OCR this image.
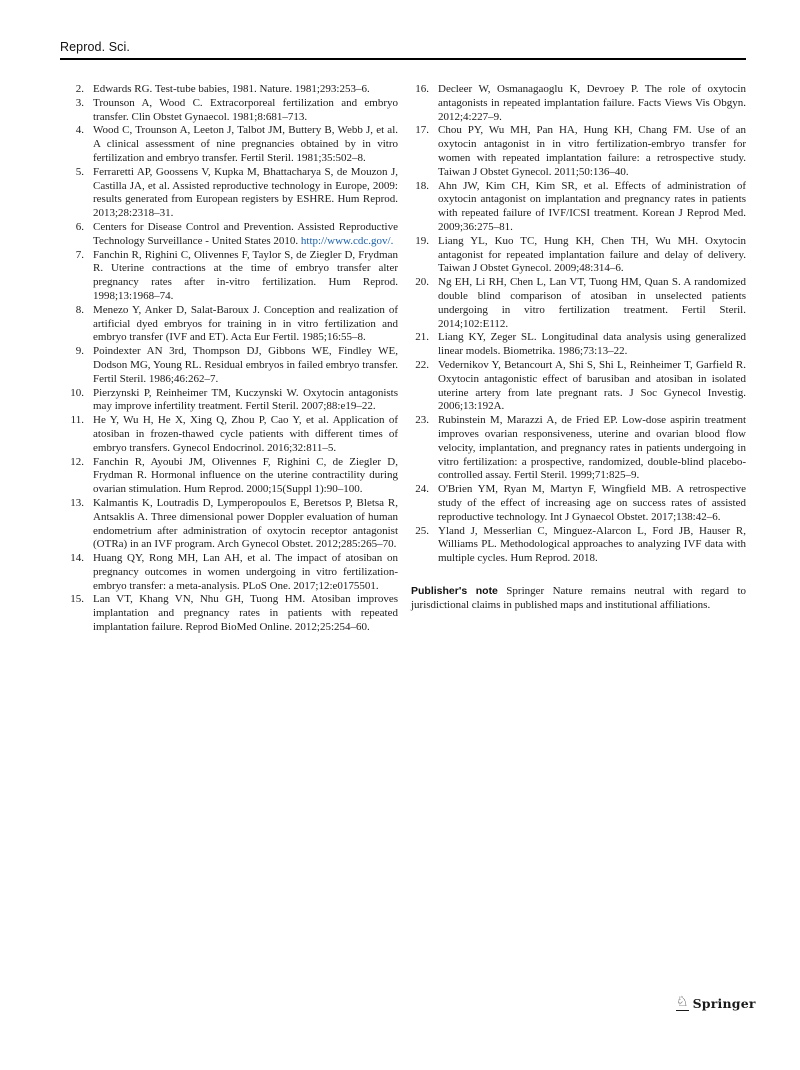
Reprod. Sci.
2. Edwards RG. Test-tube babies, 1981. Nature. 1981;293:253–6.
3. Trounson A, Wood C. Extracorporeal fertilization and embryo transfer. Clin Obstet Gynaecol. 1981;8:681–713.
4. Wood C, Trounson A, Leeton J, Talbot JM, Buttery B, Webb J, et al. A clinical assessment of nine pregnancies obtained by in vitro fertilization and embryo transfer. Fertil Steril. 1981;35:502–8.
5. Ferraretti AP, Goossens V, Kupka M, Bhattacharya S, de Mouzon J, Castilla JA, et al. Assisted reproductive technology in Europe, 2009: results generated from European registers by ESHRE. Hum Reprod. 2013;28:2318–31.
6. Centers for Disease Control and Prevention. Assisted Reproductive Technology Surveillance - United States 2010. http://www.cdc.gov/.
7. Fanchin R, Righini C, Olivennes F, Taylor S, de Ziegler D, Frydman R. Uterine contractions at the time of embryo transfer alter pregnancy rates after in-vitro fertilization. Hum Reprod. 1998;13:1968–74.
8. Menezo Y, Anker D, Salat-Baroux J. Conception and realization of artificial dyed embryos for training in in vitro fertilization and embryo transfer (IVF and ET). Acta Eur Fertil. 1985;16:55–8.
9. Poindexter AN 3rd, Thompson DJ, Gibbons WE, Findley WE, Dodson MG, Young RL. Residual embryos in failed embryo transfer. Fertil Steril. 1986;46:262–7.
10. Pierzynski P, Reinheimer TM, Kuczynski W. Oxytocin antagonists may improve infertility treatment. Fertil Steril. 2007;88:e19–22.
11. He Y, Wu H, He X, Xing Q, Zhou P, Cao Y, et al. Application of atosiban in frozen-thawed cycle patients with different times of embryo transfers. Gynecol Endocrinol. 2016;32:811–5.
12. Fanchin R, Ayoubi JM, Olivennes F, Righini C, de Ziegler D, Frydman R. Hormonal influence on the uterine contractility during ovarian stimulation. Hum Reprod. 2000;15(Suppl 1):90–100.
13. Kalmantis K, Loutradis D, Lymperopoulos E, Beretsos P, Bletsa R, Antsaklis A. Three dimensional power Doppler evaluation of human endometrium after administration of oxytocin receptor antagonist (OTRa) in an IVF program. Arch Gynecol Obstet. 2012;285:265–70.
14. Huang QY, Rong MH, Lan AH, et al. The impact of atosiban on pregnancy outcomes in women undergoing in vitro fertilization-embryo transfer: a meta-analysis. PLoS One. 2017;12:e0175501.
15. Lan VT, Khang VN, Nhu GH, Tuong HM. Atosiban improves implantation and pregnancy rates in patients with repeated implantation failure. Reprod BioMed Online. 2012;25:254–60.
16. Decleer W, Osmanagaoglu K, Devroey P. The role of oxytocin antagonists in repeated implantation failure. Facts Views Vis Obgyn. 2012;4:227–9.
17. Chou PY, Wu MH, Pan HA, Hung KH, Chang FM. Use of an oxytocin antagonist in in vitro fertilization-embryo transfer for women with repeated implantation failure: a retrospective study. Taiwan J Obstet Gynecol. 2011;50:136–40.
18. Ahn JW, Kim CH, Kim SR, et al. Effects of administration of oxytocin antagonist on implantation and pregnancy rates in patients with repeated failure of IVF/ICSI treatment. Korean J Reprod Med. 2009;36:275–81.
19. Liang YL, Kuo TC, Hung KH, Chen TH, Wu MH. Oxytocin antagonist for repeated implantation failure and delay of delivery. Taiwan J Obstet Gynecol. 2009;48:314–6.
20. Ng EH, Li RH, Chen L, Lan VT, Tuong HM, Quan S. A randomized double blind comparison of atosiban in unselected patients undergoing in vitro fertilization treatment. Fertil Steril. 2014;102:E112.
21. Liang KY, Zeger SL. Longitudinal data analysis using generalized linear models. Biometrika. 1986;73:13–22.
22. Vedernikov Y, Betancourt A, Shi S, Shi L, Reinheimer T, Garfield R. Oxytocin antagonistic effect of barusiban and atosiban in isolated uterine artery from late pregnant rats. J Soc Gynecol Investig. 2006;13:192A.
23. Rubinstein M, Marazzi A, de Fried EP. Low-dose aspirin treatment improves ovarian responsiveness, uterine and ovarian blood flow velocity, implantation, and pregnancy rates in patients undergoing in vitro fertilization: a prospective, randomized, double-blind placebo-controlled assay. Fertil Steril. 1999;71:825–9.
24. O'Brien YM, Ryan M, Martyn F, Wingfield MB. A retrospective study of the effect of increasing age on success rates of assisted reproductive technology. Int J Gynaecol Obstet. 2017;138:42–6.
25. Yland J, Messerlian C, Minguez-Alarcon L, Ford JB, Hauser R, Williams PL. Methodological approaches to analyzing IVF data with multiple cycles. Hum Reprod. 2018.
Publisher's note Springer Nature remains neutral with regard to jurisdictional claims in published maps and institutional affiliations.
♘ Springer
